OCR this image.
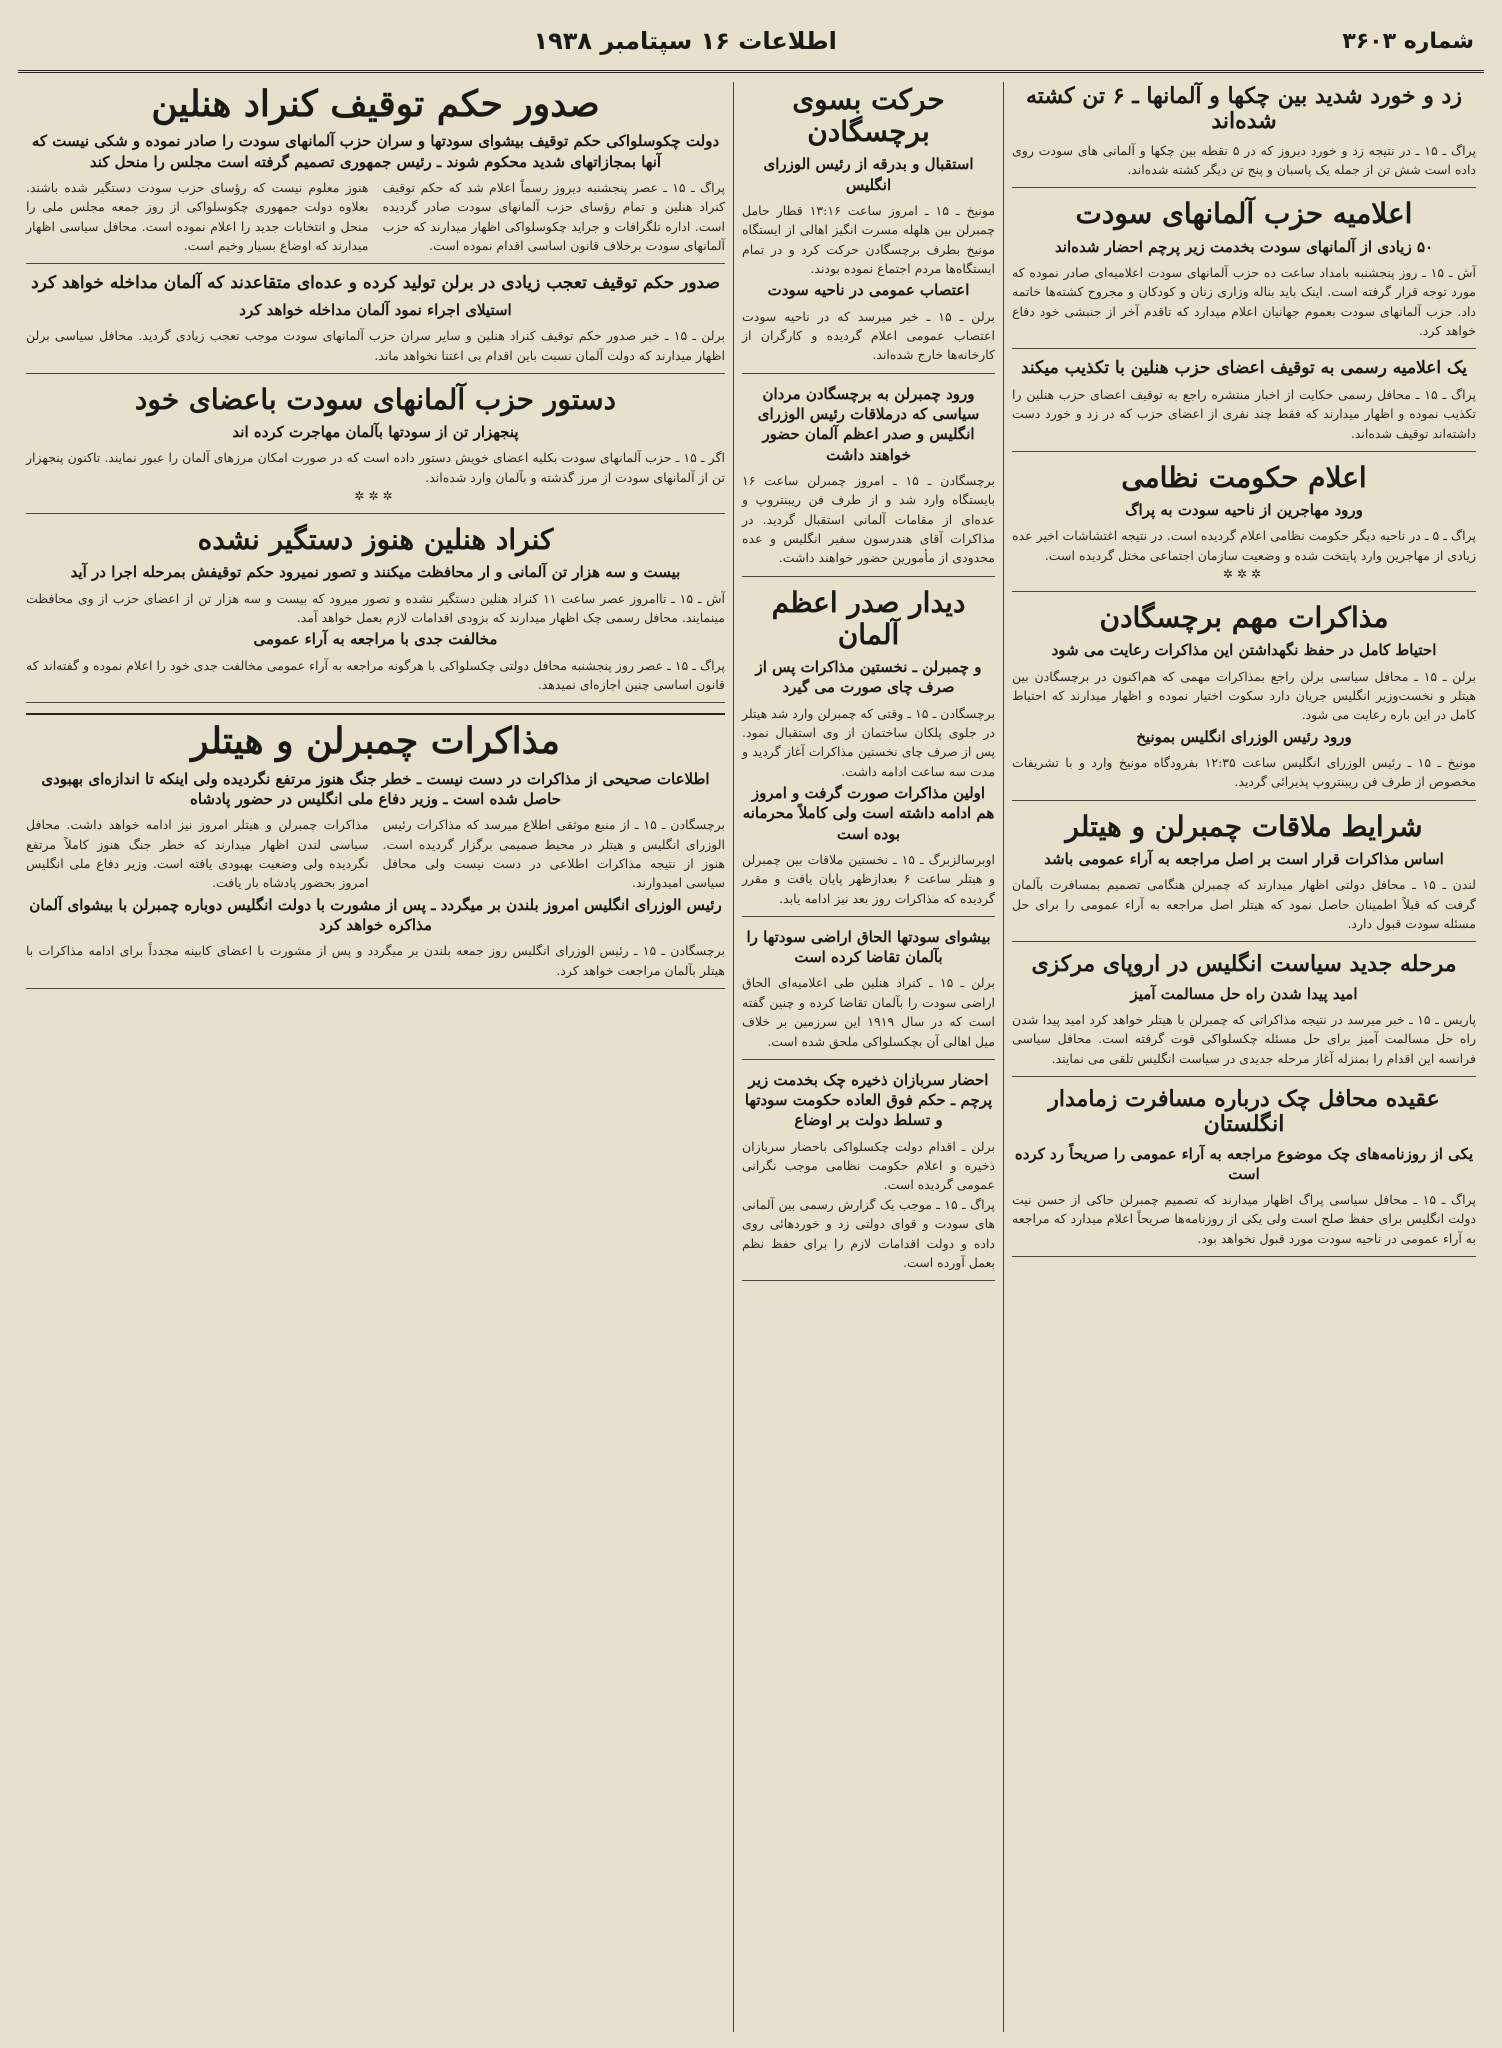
شماره ۳۶۰۳
اطلاعات ۱۶ سپتامبر ۱۹۳۸
زد و خورد شدید بین چکها و آلمانها ـ ۶ تن کشته شده‌اند
پراگ ـ ۱۵ ـ در نتیجه زد و خورد دیروز که در ۵ نقطه بین چکها و آلمانی های سودت روی داده است شش تن از جمله یک پاسبان و پنج تن دیگر کشته شده‌اند.
اعلامیه حزب آلمانهای سودت
۵۰ زیادی از آلمانهای سودت بخدمت زیر پرچم احضار شده‌اند
آش ـ ۱۵ ـ روز پنجشنبه بامداد ساعت ده حزب آلمانهای سودت اعلامیه‌ای صادر نموده که مورد توجه قرار گرفته است. اینک باید بناله وزاری زنان و کودکان و مجروح کشته‌ها خاتمه داد. حزب آلمانهای سودت بعموم جهانیان اعلام میدارد که تاقدم آخر از جنبشی خود دفاع خواهد کرد.
یک اعلامیه رسمی به توقیف اعضای حزب هنلین با تکذیب میکند
پراگ ـ ۱۵ ـ محافل رسمی حکایت از اخبار منتشره راجع به توقیف اعضای حزب هنلین را تکذیب نموده و اظهار میدارند که فقط چند نفری از اعضای حزب که در زد و خورد دست داشته‌اند توقیف شده‌اند.
اعلام حکومت نظامی
ورود مهاجرین از ناحیه سودت به پراگ
پراگ ـ ۵ ـ در ناحیه دیگر حکومت نظامی اعلام گردیده است. در نتیجه اغتشاشات اخیر عده زیادی از مهاجرین وارد پایتخت شده و وضعیت سازمان اجتماعی مختل گردیده است.
✲✲✲
مذاکرات مهم برچسگادن
احتیاط کامل در حفظ نگهداشتن این مذاکرات رعایت می شود
برلن ـ ۱۵ ـ محافل سیاسی برلن راجع بمذاکرات مهمی که هم‌اکنون در برچسگادن بین هیتلر و نخست‌وزیر انگلیس جریان دارد سکوت اختیار نموده و اظهار میدارند که احتیاط کامل در این باره رعایت می شود.
ورود رئیس الوزرای انگلیس بمونیخ
مونیخ ـ ۱۵ ـ رئیس الوزرای انگلیس ساعت ۱۲:۳۵ بفرودگاه مونیخ وارد و با تشریفات مخصوص از طرف فن ریبنتروپ پذیرائی گردید.
شرایط ملاقات چمبرلن و هیتلر
اساس مذاکرات قرار است بر اصل مراجعه به آراء عمومی باشد
لندن ـ ۱۵ ـ محافل دولتی اظهار میدارند که چمبرلن هنگامی تصمیم بمسافرت بآلمان گرفت که قبلاً اطمینان حاصل نمود که هیتلر اصل مراجعه به آراء عمومی را برای حل مسئله سودت قبول دارد.
مرحله جدید سیاست انگلیس در اروپای مرکزی
امید پیدا شدن راه حل مسالمت آمیز
پاریس ـ ۱۵ ـ خبر میرسد در نتیجه مذاکراتی که چمبرلن با هیتلر خواهد کرد امید پیدا شدن راه حل مسالمت آمیز برای حل مسئله چکسلواکی قوت گرفته است. محافل سیاسی فرانسه این اقدام را بمنزله آغاز مرحله جدیدی در سیاست انگلیس تلقی می نمایند.
عقیده محافل چک درباره مسافرت زمامدار انگلستان
یکی از روزنامه‌های چک موضوع مراجعه به آراء عمومی را صریحاً رد کرده است
پراگ ـ ۱۵ ـ محافل سیاسی پراگ اظهار میدارند که تصمیم چمبرلن حاکی از حسن نیت دولت انگلیس برای حفظ صلح است ولی یکی از روزنامه‌ها صریحاً اعلام میدارد که مراجعه به آراء عمومی در ناحیه سودت مورد قبول نخواهد بود.
حرکت بسوی برچسگادن
استقبال و بدرقه از رئیس الوزرای انگلیس
مونیخ ـ ۱۵ ـ امروز ساعت ۱۳:۱۶ قطار حامل چمبرلن بین هلهله مسرت انگیز اهالی از ایستگاه مونیخ بطرف برچسگادن حرکت کرد و در تمام ایستگاه‌ها مردم اجتماع نموده بودند.
اعتصاب عمومی در ناحیه سودت
برلن ـ ۱۵ ـ خبر میرسد که در ناحیه سودت اعتصاب عمومی اعلام گردیده و کارگران از کارخانه‌ها خارج شده‌اند.
ورود چمبرلن به برچسگادن مردان سیاسی که درملاقات رئیس الوزرای انگلیس و صدر اعظم آلمان حضور خواهند داشت
برچسگادن ـ ۱۵ ـ امروز چمبرلن ساعت ۱۶ بایستگاه وارد شد و از طرف فن ریبنتروپ و عده‌ای از مقامات آلمانی استقبال گردید. در مذاکرات آقای هندرسون سفیر انگلیس و عده محدودی از مأمورین حضور خواهند داشت.
دیدار صدر اعظم آلمان
و چمبرلن ـ نخستین مذاکرات پس از صرف چای صورت می گیرد
برچسگادن ـ ۱۵ ـ وقتی که چمبرلن وارد شد هیتلر در جلوی پلکان ساختمان از وی استقبال نمود. پس از صرف چای نخستین مذاکرات آغاز گردید و مدت سه ساعت ادامه داشت.
اولین مذاکرات صورت گرفت و امروز هم ادامه داشته است ولی کاملاً محرمانه بوده است
اوبرسالزبرگ ـ ۱۵ ـ نخستین ملاقات بین چمبرلن و هیتلر ساعت ۶ بعدازظهر پایان یافت و مقرر گردیده که مذاکرات روز بعد نیز ادامه یابد.
بیشوای سودتها الحاق اراضی سودتها را بآلمان تقاضا کرده است
برلن ـ ۱۵ ـ کنراد هنلین طی اعلامیه‌ای الحاق اراضی سودت را بآلمان تقاضا کرده و چنین گفته است که در سال ۱۹۱۹ این سرزمین بر خلاف میل اهالی آن بچکسلواکی ملحق شده است.
احضار سربازان ذخیره چک بخدمت زیر پرچم ـ حکم فوق العاده حکومت سودتها و تسلط دولت بر اوضاع
برلن ـ اقدام دولت چکسلواکی باحضار سربازان ذخیره و اعلام حکومت نظامی موجب نگرانی عمومی گردیده است.
پراگ ـ ۱۵ ـ موجب یک گزارش رسمی بین آلمانی های سودت و قوای دولتی زد و خوردهائی روی داده و دولت اقدامات لازم را برای حفظ نظم بعمل آورده است.
صدور حکم توقیف کنراد هنلین
دولت چکوسلواکی حکم توقیف بیشوای سودتها و سران حزب آلمانهای سودت را صادر نموده و شکی نیست که آنها بمجازاتهای شدید محکوم شوند ـ رئیس جمهوری تصمیم گرفته است مجلس را منحل کند
پراگ ـ ۱۵ ـ عصر پنجشنبه دیروز رسماً اعلام شد که حکم توقیف کنراد هنلین و تمام رؤسای حزب آلمانهای سودت صادر گردیده است. اداره تلگرافات و جراید چکوسلواکی اظهار میدارند که حزب آلمانهای سودت برخلاف قانون اساسی اقدام نموده است.
هنوز معلوم نیست که رؤسای حزب سودت دستگیر شده باشند. بعلاوه دولت جمهوری چکوسلواکی از روز جمعه مجلس ملی را منحل و انتخابات جدید را اعلام نموده است. محافل سیاسی اظهار میدارند که اوضاع بسیار وخیم است.
صدور حکم توقیف تعجب زیادی در برلن تولید کرده و عده‌ای متقاعدند که آلمان مداخله خواهد کرد
استیلای اجراء نمود آلمان مداخله خواهد کرد
برلن ـ ۱۵ ـ خبر صدور حکم توقیف کنراد هنلین و سایر سران حزب آلمانهای سودت موجب تعجب زیادی گردید. محافل سیاسی برلن اظهار میدارند که دولت آلمان نسبت باین اقدام بی اعتنا نخواهد ماند.
دستور حزب آلمانهای سودت باعضای خود
پنجهزار تن از سودتها بآلمان مهاجرت کرده اند
اگر ـ ۱۵ ـ حزب آلمانهای سودت بکلیه اعضای خویش دستور داده است که در صورت امکان مرزهای آلمان را عبور نمایند. تاکنون پنجهزار تن از آلمانهای سودت از مرز گذشته و بآلمان وارد شده‌اند.
✲✲✲
کنراد هنلین هنوز دستگیر نشده
بیست و سه هزار تن آلمانی و ار محافظت میکنند و تصور نمیرود حکم توقیفش بمرحله اجرا در آید
آش ـ ۱۵ ـ تاامروز عصر ساعت ۱۱ کنراد هنلین دستگیر نشده و تصور میرود که بیست و سه هزار تن از اعضای حزب از وی محافظت مینمایند. محافل رسمی چک اظهار میدارند که بزودی اقدامات لازم بعمل خواهد آمد.
مخالفت جدی با مراجعه به آراء عمومی
پراگ ـ ۱۵ ـ عصر روز پنجشنبه محافل دولتی چکسلواکی با هرگونه مراجعه به آراء عمومی مخالفت جدی خود را اعلام نموده و گفته‌اند که قانون اساسی چنین اجازه‌ای نمیدهد.
مذاکرات چمبرلن و هیتلر
اطلاعات صحیحی از مذاکرات در دست نیست ـ خطر جنگ هنوز مرتفع نگردیده ولی اینکه تا اندازه‌ای بهبودی حاصل شده است ـ وزیر دفاع ملی انگلیس در حضور پادشاه
برچسگادن ـ ۱۵ ـ از منبع موثقی اطلاع میرسد که مذاکرات رئیس الوزرای انگلیس و هیتلر در محیط صمیمی برگزار گردیده است. هنوز از نتیجه مذاکرات اطلاعی در دست نیست ولی محافل سیاسی امیدوارند.
مذاکرات چمبرلن و هیتلر امروز نیز ادامه خواهد داشت. محافل سیاسی لندن اظهار میدارند که خطر جنگ هنوز کاملاً مرتفع نگردیده ولی وضعیت بهبودی یافته است. وزیر دفاع ملی انگلیس امروز بحضور پادشاه بار یافت.
رئیس الوزرای انگلیس امروز بلندن بر میگردد ـ پس از مشورت با دولت انگلیس دوباره چمبرلن با بیشوای آلمان مذاکره خواهد کرد
برچسگادن ـ ۱۵ ـ رئیس الوزرای انگلیس روز جمعه بلندن بر میگردد و پس از مشورت با اعضای کابینه مجدداً برای ادامه مذاکرات با هیتلر بآلمان مراجعت خواهد کرد.
